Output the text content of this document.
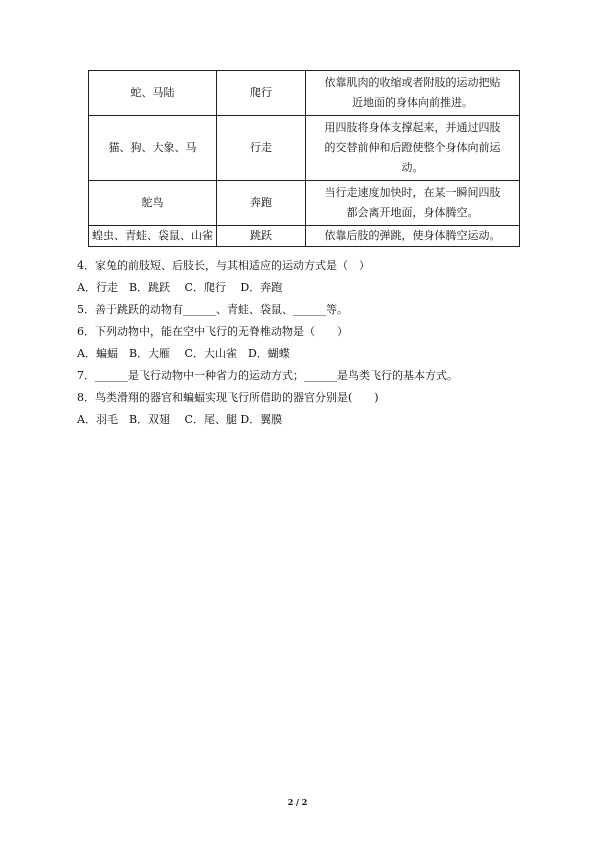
蛇、马陆	爬行	依靠肌肉的收缩或者附肢的运动把贴
近地面的身体向前推进。

猫、狗、大象、马	行走	用四肢将身体支撑起来，并通过四肢
的交替前伸和后蹬使整个身体向前运
动。

鸵鸟	奔跑	当行走速度加快时，在某一瞬间四肢
都会离开地面，身体腾空。

蝗虫、青蛙、袋鼠、山雀	跳跃	依靠后肢的弹跳，使身体腾空运动。
4．家兔的前肢短、后肢长，与其相适应的运动方式是（　）
A．行走　B．跳跃　 C．爬行　 D．奔跑
5．善于跳跃的动物有______、青蛙、袋鼠、______等。
6．下列动物中，能在空中飞行的无脊椎动物是（　　）
A．蝙蝠　B．大雁　 C．大山雀　D．蝴蝶
7．______是飞行动物中一种省力的运动方式；______是鸟类飞行的基本方式。
8．鸟类滑翔的器官和蝙蝠实现飞行所借助的器官分别是(　　)
A．羽毛　B．双翅　 C．尾、腿 D．翼膜
2 / 2
